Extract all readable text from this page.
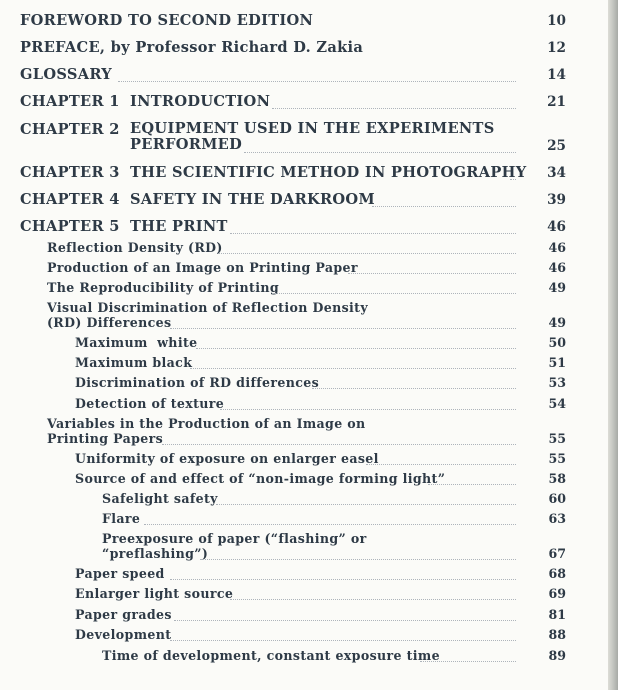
FOREWORD TO SECOND EDITION	10
PREFACE, by Professor Richard D. Zakia	12
GLOSSARY	14
CHAPTER 1 INTRODUCTION	21
CHAPTER 2 EQUIPMENT USED IN THE EXPERIMENTS
PERFORMED	25
CHAPTER 3 THE SCIENTIFIC METHOD IN PHOTOGRAPHY	34
CHAPTER 4 SAFETY IN THE DARKROOM	39
CHAPTER 5 THE PRINT	46
Reflection Density (RD)	46
Production of an Image on Printing Paper	46
The Reproducibility of Printing	49
Visual Discrimination of Reflection Density
(RD) Differences	49
Maximum  white	50
Maximum black	51
Discrimination of RD differences	53
Detection of texture	54
Variables in the Production of an Image on
Printing Papers	55
Uniformity of exposure on enlarger easel	55
Source of and effect of “non-image forming light”	58
Safelight safety	60
Flare	63
Preexposure of paper (“flashing” or
“preflashing”)	67
Paper speed	68
Enlarger light source	69
Paper grades	81
Development	88
Time of development, constant exposure time	89
